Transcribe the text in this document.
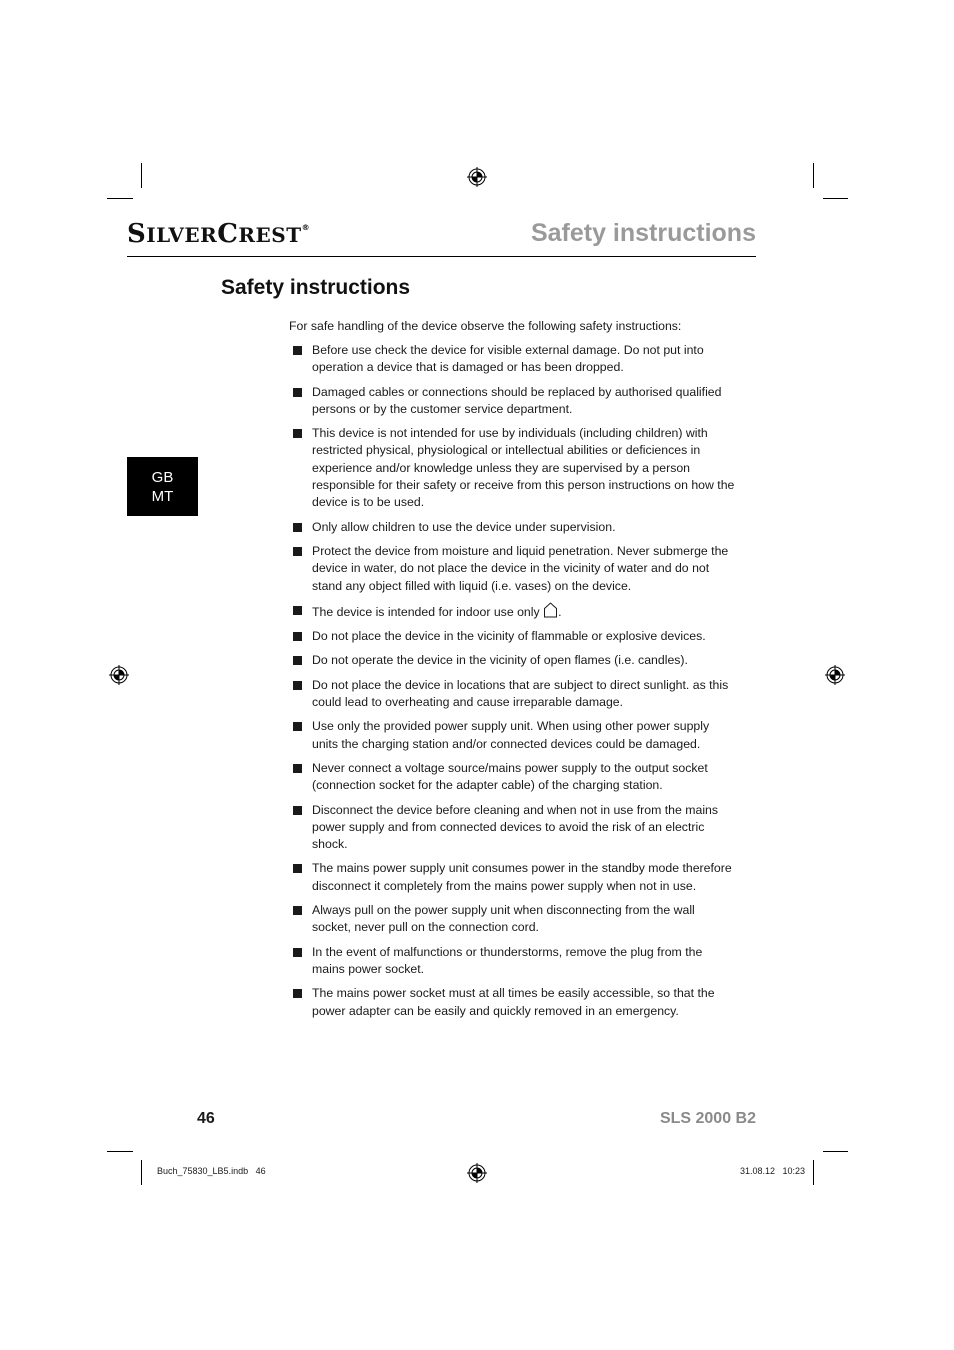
SILVERCREST®	Safety instructions
Safety instructions
GB
MT
For safe handling of the device observe the following safety instructions:
Before use check the device for visible external damage. Do not put into operation a device that is damaged or has been dropped.
Damaged cables or connections should be replaced by authorised qualified persons or by the customer service department.
This device is not intended for use by individuals (including children) with restricted physical, physiological or intellectual abilities or deficiences in experience and/or knowledge unless they are supervised by a person responsible for their safety or receive from this person instructions on how the device is to be used.
Only allow children to use the device under supervision.
Protect the device from moisture and liquid penetration. Never submerge the device in water, do not place the device in the vicinity of water and do not stand any object filled with liquid (i.e. vases) on the device.
The device is intended for indoor use only .
Do not place the device in the vicinity of flammable or explosive devices.
Do not operate the device in the vicinity of open flames (i.e. candles).
Do not place the device in locations that are subject to direct sunlight. as this could lead to overheating and cause irreparable damage.
Use only the provided power supply unit. When using other power supply units the charging station and/or connected devices could be damaged.
Never connect a voltage source/mains power supply to the output socket (connection socket for the adapter cable) of the charging station.
Disconnect the device before cleaning and when not in use from the mains power supply and from connected devices to avoid the risk of an electric shock.
The mains power supply unit consumes power in the standby mode therefore disconnect it completely from the mains power supply when not in use.
Always pull on the power supply unit when disconnecting from the wall socket, never pull on the connection cord.
In the event of malfunctions or thunderstorms, remove the plug from the mains power socket.
The mains power socket must at all times be easily accessible, so that the power adapter can be easily and quickly removed in an emergency.
46	SLS 2000 B2
Buch_75830_LB5.indb   46	31.08.12   10:23
